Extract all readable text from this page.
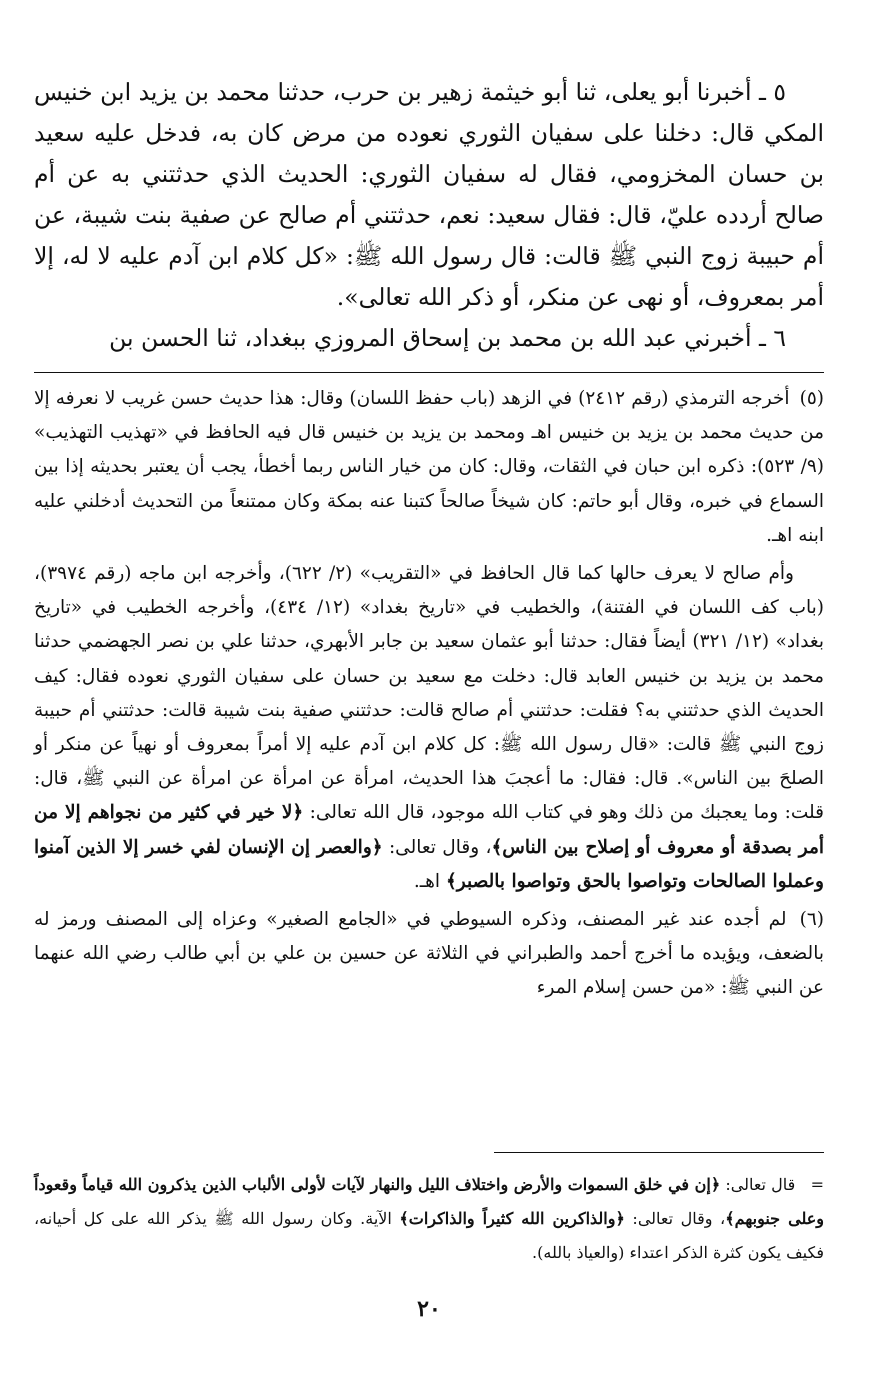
٥ ـ أخبرنا أبو يعلى، ثنا أبو خيثمة زهير بن حرب، حدثنا محمد بن يزيد ابن خنيس المكي قال: دخلنا على سفيان الثوري نعوده من مرض كان به، فدخل عليه سعيد بن حسان المخزومي، فقال له سفيان الثوري: الحديث الذي حدثتني به عن أم صالح أردده عليّ، قال: فقال سعيد: نعم، حدثتني أم صالح عن صفية بنت شيبة، عن أم حبيبة زوج النبي ﷺ قالت: قال رسول الله ﷺ: «كل كلام ابن آدم عليه لا له، إلا أمر بمعروف، أو نهى عن منكر، أو ذكر الله تعالى».

٦ ـ أخبرني عبد الله بن محمد بن إسحاق المروزي ببغداد، ثنا الحسن بن

(٥) أخرجه الترمذي (رقم ٢٤١٢) في الزهد (باب حفظ اللسان) وقال: هذا حديث حسن غريب لا نعرفه إلا من حديث محمد بن يزيد بن خنيس اهـ ومحمد بن يزيد بن خنيس قال فيه الحافظ في «تهذيب التهذيب» (٩/ ٥٢٣): ذكره ابن حبان في الثقات، وقال: كان من خيار الناس ربما أخطأ، يجب أن يعتبر بحديثه إذا بين السماع في خبره، وقال أبو حاتم: كان شيخاً صالحاً كتبنا عنه بمكة وكان ممتنعاً من التحديث أدخلني عليه ابنه اهـ.

وأم صالح لا يعرف حالها كما قال الحافظ في «التقريب» (٢/ ٦٢٢)، وأخرجه ابن ماجه (رقم ٣٩٧٤)، (باب كف اللسان في الفتنة)، والخطيب في «تاريخ بغداد» (١٢/ ٤٣٤)، وأخرجه الخطيب في «تاريخ بغداد» (١٢/ ٣٢١) أيضاً فقال: حدثنا أبو عثمان سعيد بن جابر الأبهري، حدثنا علي بن نصر الجهضمي حدثنا محمد بن يزيد بن خنيس العابد قال: دخلت مع سعيد بن حسان على سفيان الثوري نعوده فقال: كيف الحديث الذي حدثتني به؟ فقلت: حدثتني أم صالح قالت: حدثتني صفية بنت شيبة قالت: حدثتني أم حبيبة زوج النبي ﷺ قالت: «قال رسول الله ﷺ: كل كلام ابن آدم عليه إلا أمراً بمعروف أو نهياً عن منكر أو الصلحَ بين الناس». قال: فقال: ما أعجبَ هذا الحديث، امرأة عن امرأة عن امرأة عن النبي ﷺ، قال: قلت: وما يعجبك من ذلك وهو في كتاب الله موجود، قال الله تعالى: ﴿لا خير في كثير من نجواهم إلا من أمر بصدقة أو معروف أو إصلاح بين الناس﴾، وقال تعالى: ﴿والعصر إن الإنسان لفي خسر إلا الذين آمنوا وعملوا الصالحات وتواصوا بالحق وتواصوا بالصبر﴾ اهـ.

(٦) لم أجده عند غير المصنف، وذكره السيوطي في «الجامع الصغير» وعزاه إلى المصنف ورمز له بالضعف، ويؤيده ما أخرج أحمد والطبراني في الثلاثة عن حسين بن علي بن أبي طالب رضي الله عنهما عن النبي ﷺ: «من حسن إسلام المرء

=   قال تعالى: ﴿إن في خلق السموات والأرض واختلاف الليل والنهار لآيات لأولى الألباب الذين يذكرون الله قياماً وقعوداً وعلى جنوبهم﴾، وقال تعالى: ﴿والذاكرين الله كثيراً والذاكرات﴾ الآية. وكان رسول الله ﷺ يذكر الله على كل أحيانه، فكيف يكون كثرة الذكر اعتداء (والعياذ بالله).

٢٠
